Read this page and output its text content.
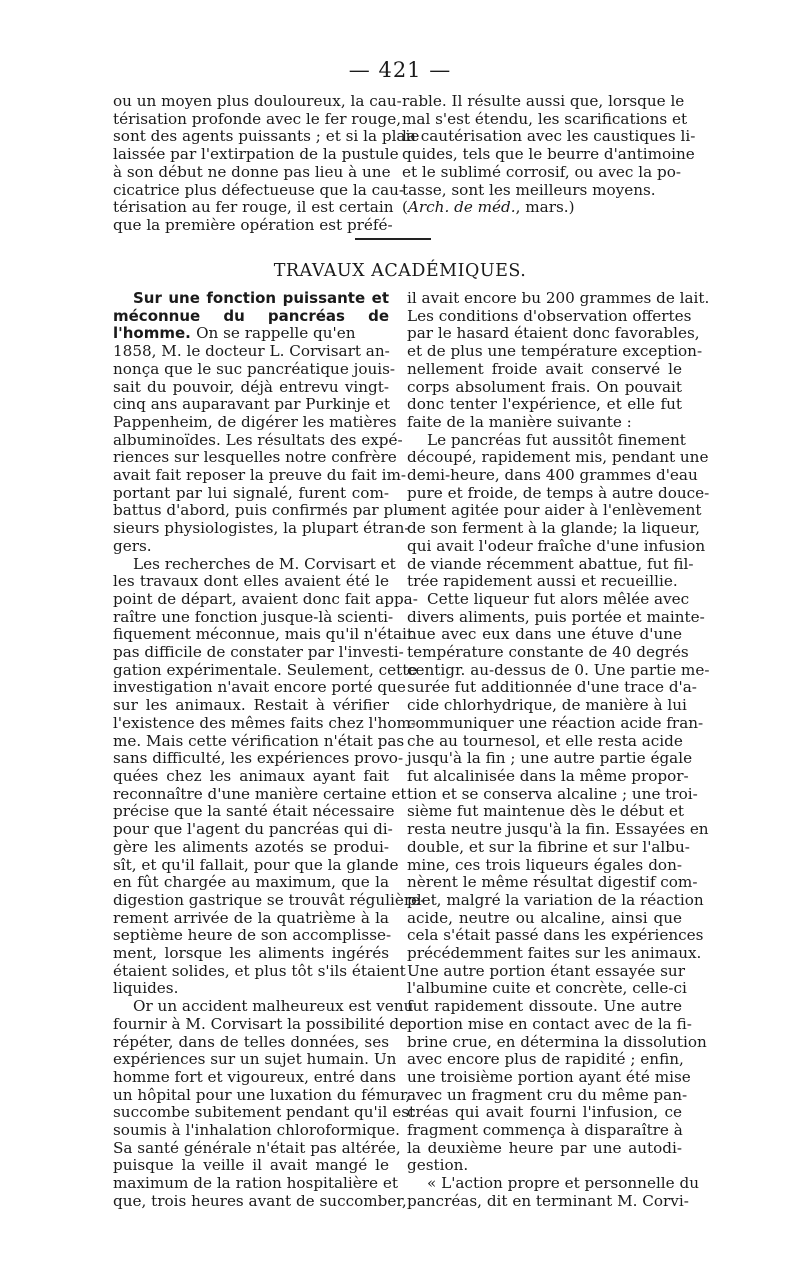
— 421 —
ou un moyen plus douloureux, la cau-
térisation profonde avec le fer rouge,
sont des agents puissants ; et si la plaie
laissée par l'extirpation de la pustule
à son début ne donne pas lieu à une
cicatrice plus défectueuse que la cau-
térisation au fer rouge, il est certain
que la première opération est préfé-
rable. Il résulte aussi que, lorsque le
mal s'est étendu, les scarifications et
la cautérisation avec les caustiques li-
quides, tels que le beurre d'antimoine
et le sublimé corrosif, ou avec la po-
tasse, sont les meilleurs moyens.(Arch. de méd., mars.)
TRAVAUX ACADÉMIQUES.

Sur une fonction puissante et méconnue du pancréas de l'homme. On se rappelle qu'en

1858, M. le docteur L. Corvisart an-
nonça que le suc pancréatique jouis-
sait du pouvoir, déjà entrevu vingt-
cinq ans auparavant par Purkinje et
Pappenheim, de digérer les matières
albuminoïdes. Les résultats des expé-
riences sur lesquelles notre confrère
avait fait reposer la preuve du fait im-
portant par lui signalé, furent com-
battus d'abord, puis confirmés par plu-
sieurs physiologistes, la plupart étran-
gers.
Les recherches de M. Corvisart et
les travaux dont elles avaient été le
point de départ, avaient donc fait appa-
raître une fonction jusque-là scienti-
fiquement méconnue, mais qu'il n'était
pas difficile de constater par l'investi-
gation expérimentale. Seulement, cette
investigation n'avait encore porté que
sur les animaux. Restait à vérifier
l'existence des mêmes faits chez l'hom-
me. Mais cette vérification n'était pas
sans difficulté, les expériences provo-
quées chez les animaux ayant fait
reconnaître d'une manière certaine et
précise que la santé était nécessaire
pour que l'agent du pancréas qui di-
gère les aliments azotés se produi-
sît, et qu'il fallait, pour que la glande
en fût chargée au maximum, que la
digestion gastrique se trouvât régulière-
rement arrivée de la quatrième à la
septième heure de son accomplisse-
ment, lorsque les aliments ingérés
étaient solides, et plus tôt s'ils étaient
liquides.
Or un accident malheureux est venu
fournir à M. Corvisart la possibilité de
répéter, dans de telles données, ses
expériences sur un sujet humain. Un
homme fort et vigoureux, entré dans
un hôpital pour une luxation du fémur,
succombe subitement pendant qu'il est
soumis à l'inhalation chloroformique.
Sa santé générale n'était pas altérée,
puisque la veille il avait mangé le
maximum de la ration hospitalière et
que, trois heures avant de succomber,
il avait encore bu 200 grammes de lait.
Les conditions d'observation offertes
par le hasard étaient donc favorables,
et de plus une température exception-
nellement froide avait conservé le
corps absolument frais. On pouvait
donc tenter l'expérience, et elle fut
faite de la manière suivante :
Le pancréas fut aussitôt finement
découpé, rapidement mis, pendant une
demi-heure, dans 400 grammes d'eau
pure et froide, de temps à autre douce-
ment agitée pour aider à l'enlèvement
de son ferment à la glande; la liqueur,
qui avait l'odeur fraîche d'une infusion
de viande récemment abattue, fut fil-
trée rapidement aussi et recueillie.
Cette liqueur fut alors mêlée avec
divers aliments, puis portée et mainte-
nue avec eux dans une étuve d'une
température constante de 40 degrés
centigr. au-dessus de 0. Une partie me-
surée fut additionnée d'une trace d'a-
cide chlorhydrique, de manière à lui
communiquer une réaction acide fran-
che au tournesol, et elle resta acide
jusqu'à la fin ; une autre partie égale
fut alcalinisée dans la même propor-
tion et se conserva alcaline ; une troi-
sième fut maintenue dès le début et
resta neutre jusqu'à la fin. Essayées en
double, et sur la fibrine et sur l'albu-
mine, ces trois liqueurs égales don-
nèrent le même résultat digestif com-
plet, malgré la variation de la réaction
acide, neutre ou alcaline, ainsi que
cela s'était passé dans les expériences
précédemment faites sur les animaux.
Une autre portion étant essayée sur
l'albumine cuite et concrète, celle-ci
fut rapidement dissoute. Une autre
portion mise en contact avec de la fi-
brine crue, en détermina la dissolution
avec encore plus de rapidité ; enfin,
une troisième portion ayant été mise
avec un fragment cru du même pan-
créas qui avait fourni l'infusion, ce
fragment commença à disparaître à
la deuxième heure par une autodi-
gestion.
« L'action propre et personnelle du
pancréas, dit en terminant M. Corvi-
